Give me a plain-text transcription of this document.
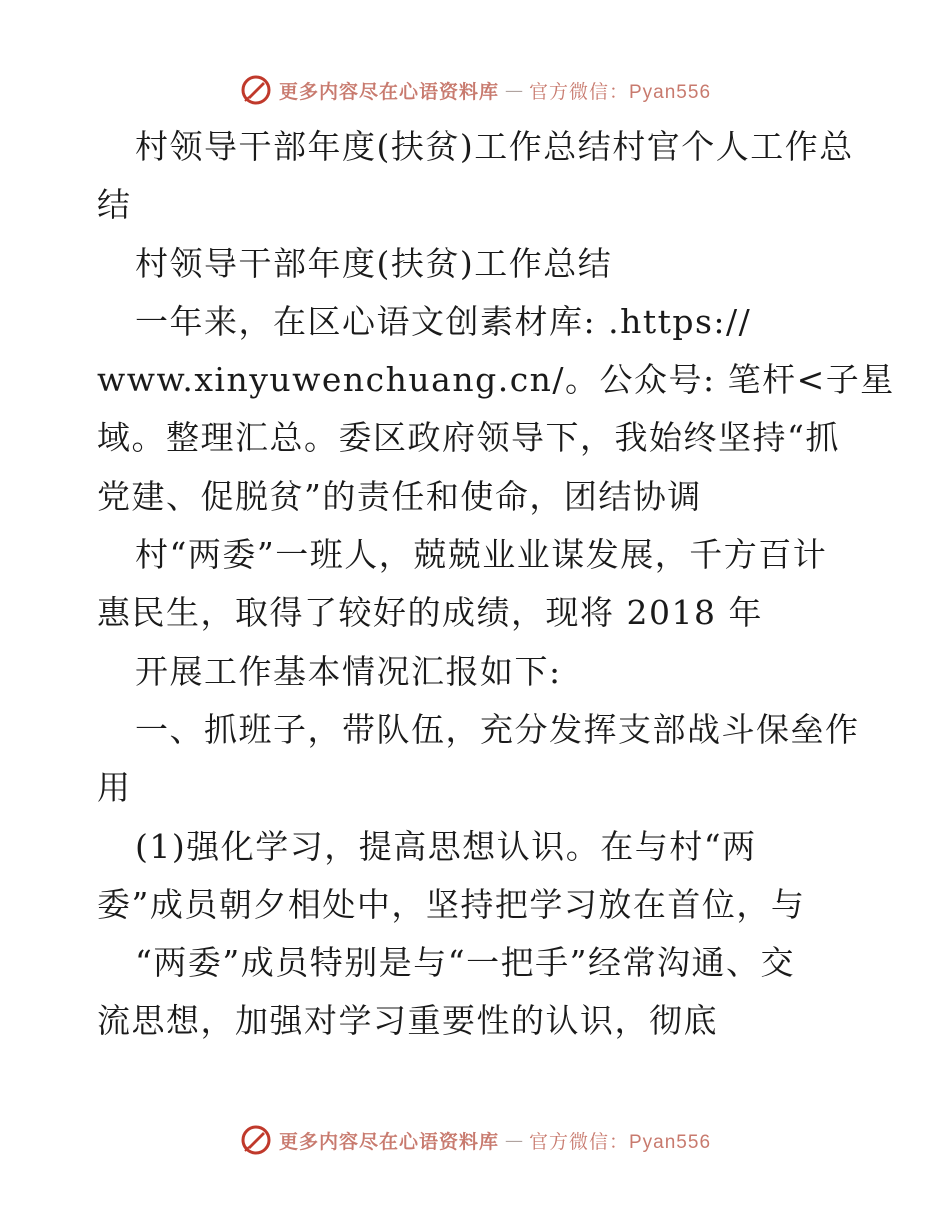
更多内容尽在心语资料库 — 官方微信：Pyan556
村领导干部年度(扶贫)工作总结村官个人工作总
结
村领导干部年度(扶贫)工作总结
一年来，在区心语文创素材库: .https://
www.xinyuwenchuang.cn/。公众号: 笔杆<子星
域。整理汇总。委区政府领导下，我始终坚持“抓
党建、促脱贫”的责任和使命，团结协调
村“两委”一班人，兢兢业业谋发展，千方百计
惠民生，取得了较好的成绩，现将 2018 年
开展工作基本情况汇报如下:
一、抓班子，带队伍，充分发挥支部战斗保垒作
用
(1)强化学习，提高思想认识。在与村“两
委”成员朝夕相处中，坚持把学习放在首位，与
“两委”成员特别是与“一把手”经常沟通、交
流思想，加强对学习重要性的认识，彻底
更多内容尽在心语资料库 — 官方微信：Pyan556
